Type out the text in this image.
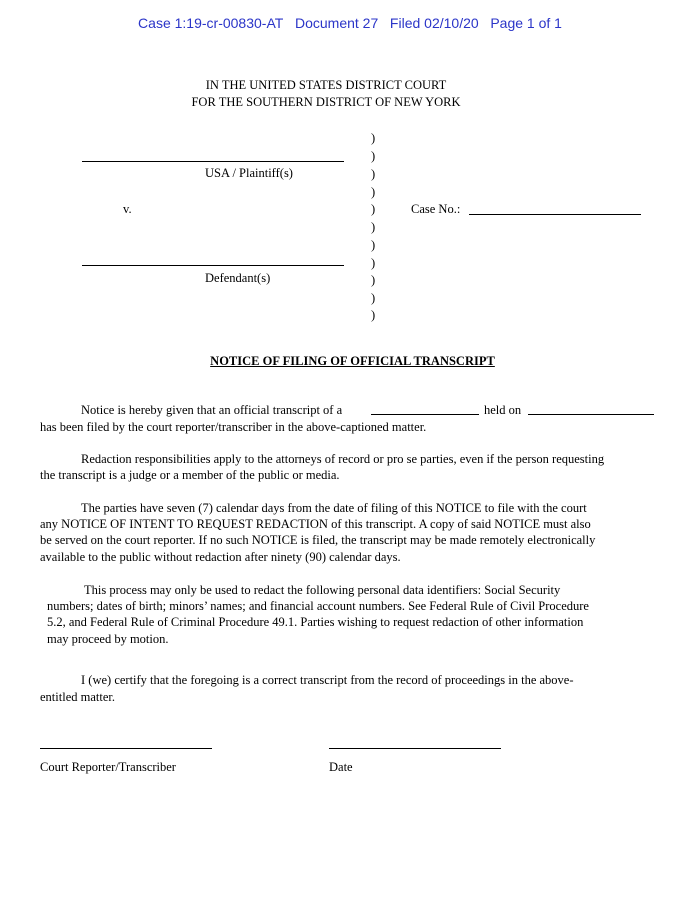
Case 1:19-cr-00830-AT Document 27 Filed 02/10/20 Page 1 of 1
IN THE UNITED STATES DISTRICT COURT
FOR THE SOUTHERN DISTRICT OF NEW YORK
)
)
)
)
)
)
)
)
)
)
)
USA / Plaintiff(s)
v.	Case No.:
Defendant(s)
NOTICE OF FILING OF OFFICIAL TRANSCRIPT
Notice is hereby given that an official transcript of a	held on
has been filed by the court reporter/transcriber in the above-captioned matter.
Redaction responsibilities apply to the attorneys of record or pro se parties, even if the person requesting
the transcript is a judge or a member of the public or media.
The parties have seven (7) calendar days from the date of filing of this NOTICE to file with the court
any NOTICE OF INTENT TO REQUEST REDACTION of this transcript. A copy of said NOTICE must also
be served on the court reporter. If no such NOTICE is filed, the transcript may be made remotely electronically
available to the public without redaction after ninety (90) calendar days.
This process may only be used to redact the following personal data identifiers: Social Security
numbers; dates of birth; minors’ names; and financial account numbers. See Federal Rule of Civil Procedure
5.2, and Federal Rule of Criminal Procedure 49.1. Parties wishing to request redaction of other information
may proceed by motion.
I (we) certify that the foregoing is a correct transcript from the record of proceedings in the above-
entitled matter.
Court Reporter/Transcriber	Date
